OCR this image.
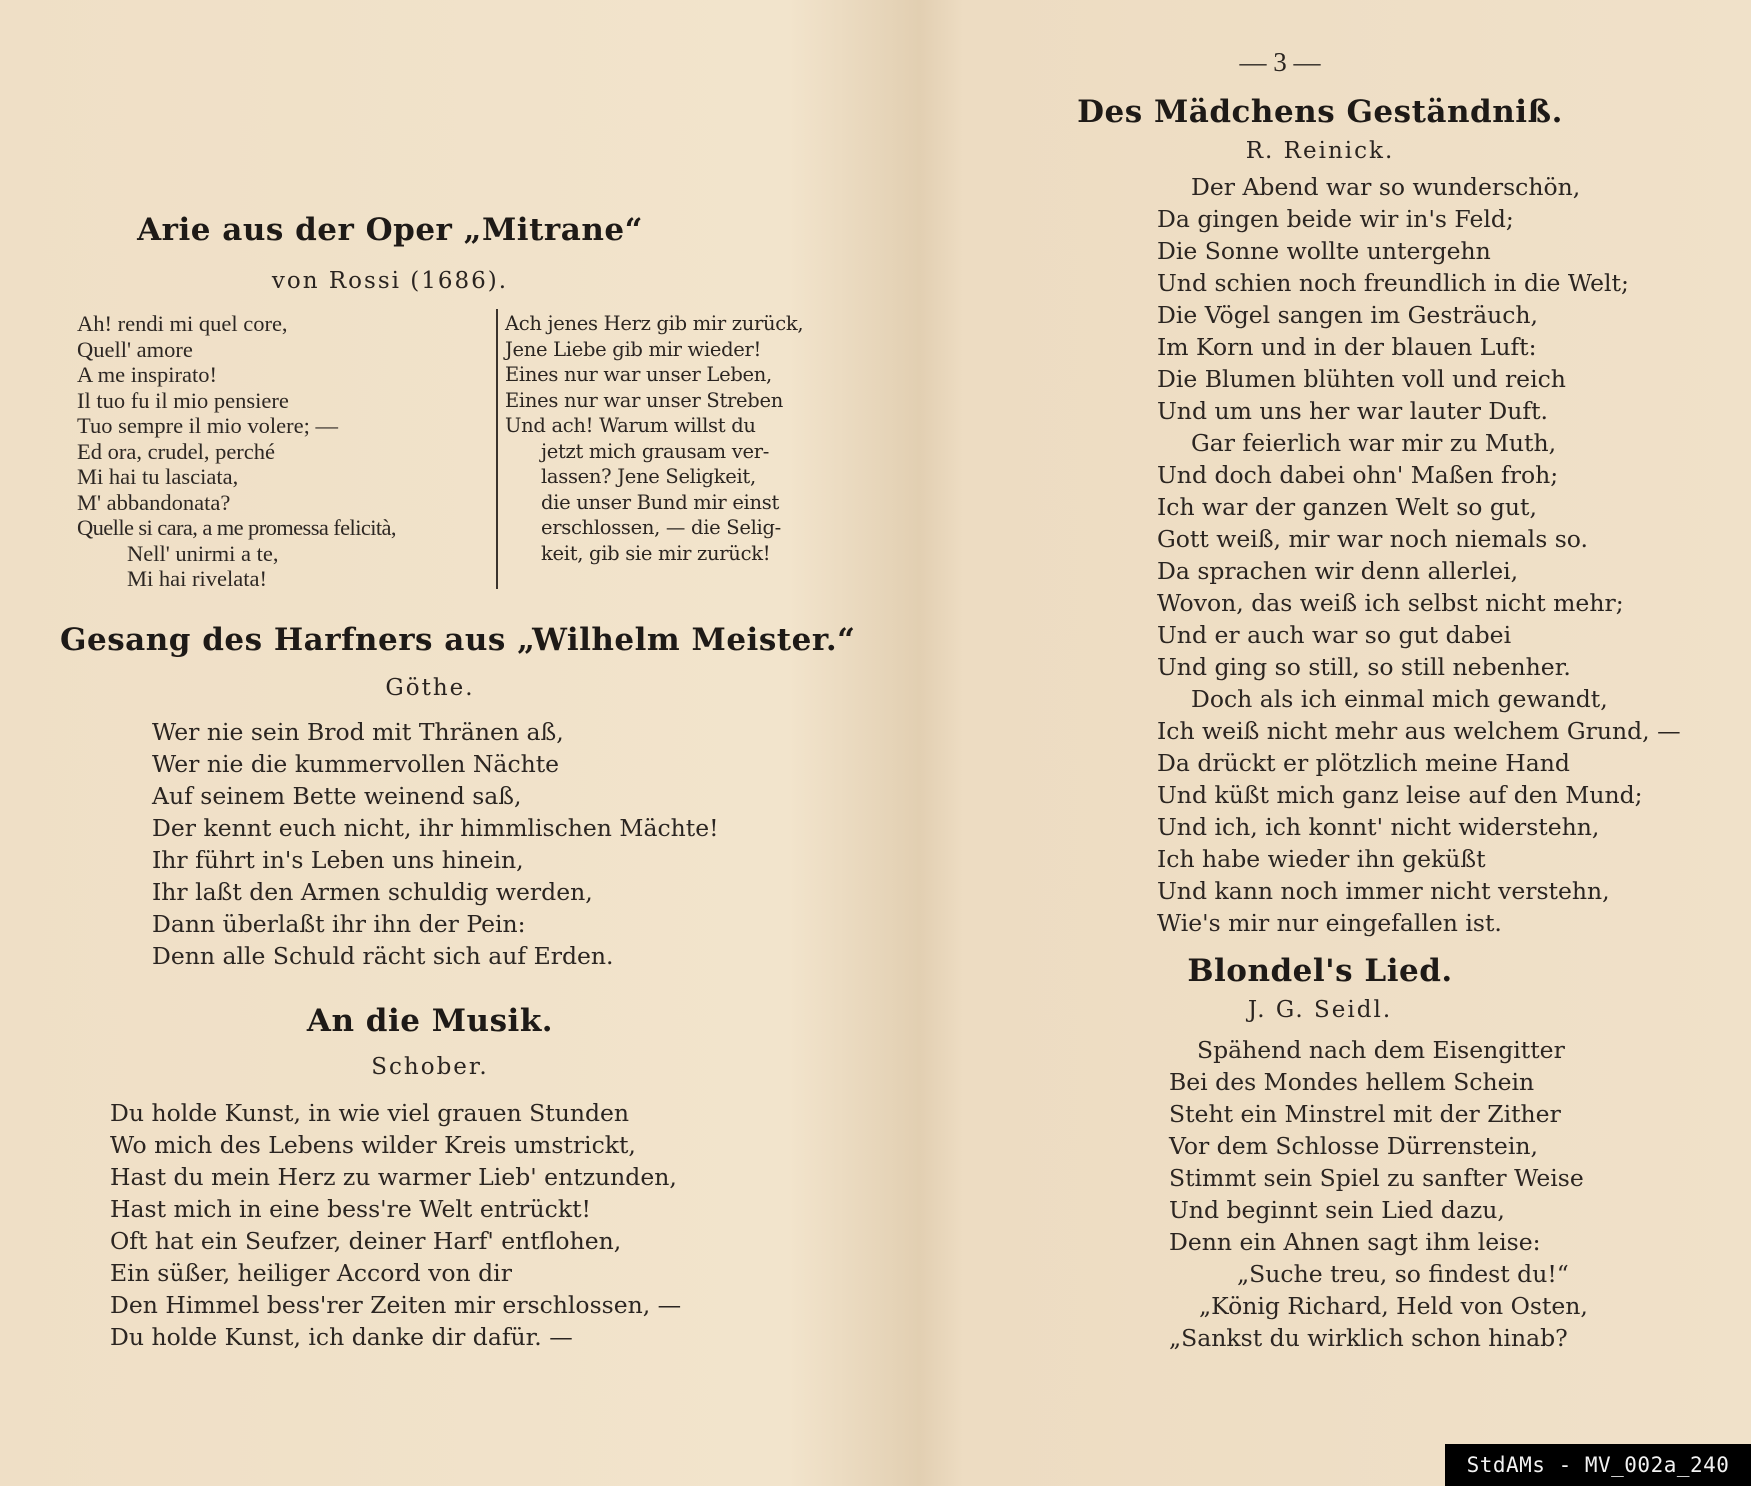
Arie aus der Oper „Mitrane“
von Rossi (1686).
Ah! rendi mi quel core,
Quell' amore
A me inspirato!
Il tuo fu il mio pensiere
Tuo sempre il mio volere; —
Ed ora, crudel, perché
Mi hai tu lasciata,
M' abbandonata?
Quelle si cara, a me promessa felicità,
Nell' unirmi a te,
Mi hai rivelata!
Ach jenes Herz gib mir zurück,
Jene Liebe gib mir wieder!
Eines nur war unser Leben,
Eines nur war unser Streben
Und ach! Warum willst du
jetzt mich grausam ver-
lassen? Jene Seligkeit,
die unser Bund mir einst
erschlossen, — die Selig-
keit, gib sie mir zurück!
Gesang des Harfners aus „Wilhelm Meister.“
Göthe.
Wer nie sein Brod mit Thränen aß,
Wer nie die kummervollen Nächte
Auf seinem Bette weinend saß,
Der kennt euch nicht, ihr himmlischen Mächte!
Ihr führt in's Leben uns hinein,
Ihr laßt den Armen schuldig werden,
Dann überlaßt ihr ihn der Pein:
Denn alle Schuld rächt sich auf Erden.
An die Musik.
Schober.
Du holde Kunst, in wie viel grauen Stunden
Wo mich des Lebens wilder Kreis umstrickt,
Hast du mein Herz zu warmer Lieb' entzunden,
Hast mich in eine bess're Welt entrückt!
Oft hat ein Seufzer, deiner Harf' entflohen,
Ein süßer, heiliger Accord von dir
Den Himmel bess'rer Zeiten mir erschlossen, —
Du holde Kunst, ich danke dir dafür. —
— 3 —
Des Mädchens Geständniß.
R. Reinick.
Der Abend war so wunderschön,
Da gingen beide wir in's Feld;
Die Sonne wollte untergehn
Und schien noch freundlich in die Welt;
Die Vögel sangen im Gesträuch,
Im Korn und in der blauen Luft:
Die Blumen blühten voll und reich
Und um uns her war lauter Duft.
Gar feierlich war mir zu Muth,
Und doch dabei ohn' Maßen froh;
Ich war der ganzen Welt so gut,
Gott weiß, mir war noch niemals so.
Da sprachen wir denn allerlei,
Wovon, das weiß ich selbst nicht mehr;
Und er auch war so gut dabei
Und ging so still, so still nebenher.
Doch als ich einmal mich gewandt,
Ich weiß nicht mehr aus welchem Grund, —
Da drückt er plötzlich meine Hand
Und küßt mich ganz leise auf den Mund;
Und ich, ich konnt' nicht widerstehn,
Ich habe wieder ihn geküßt
Und kann noch immer nicht verstehn,
Wie's mir nur eingefallen ist.
Blondel's Lied.
J. G. Seidl.
Spähend nach dem Eisengitter
Bei des Mondes hellem Schein
Steht ein Minstrel mit der Zither
Vor dem Schlosse Dürrenstein,
Stimmt sein Spiel zu sanfter Weise
Und beginnt sein Lied dazu,
Denn ein Ahnen sagt ihm leise:
„Suche treu, so findest du!“
„König Richard, Held von Osten,
„Sankst du wirklich schon hinab?
StdAMs - MV_002a_240
